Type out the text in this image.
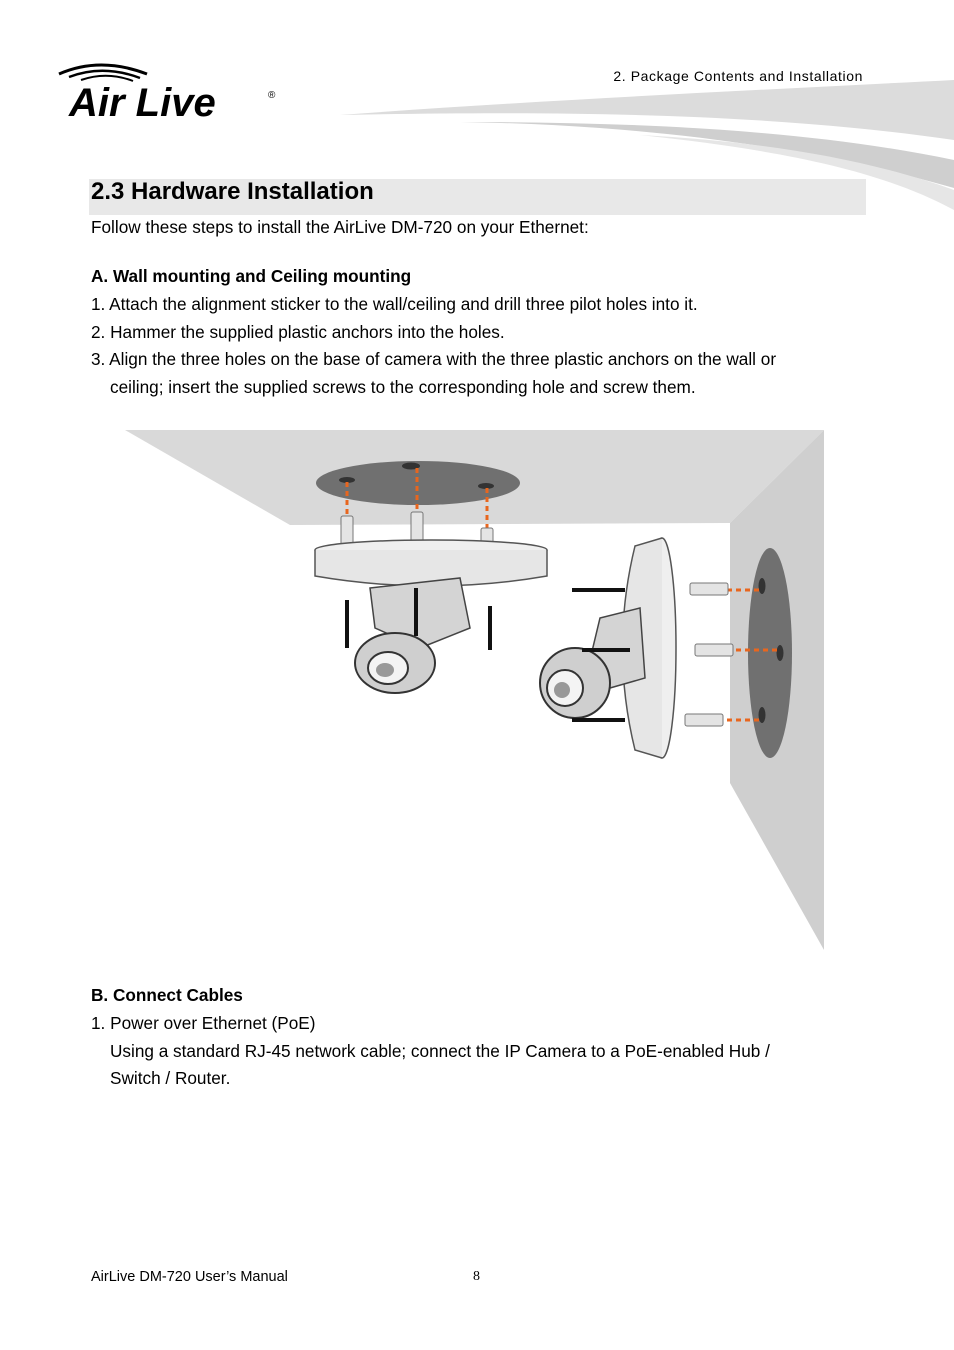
Air Live	®
2. Package Contents and Installation
2.3 Hardware Installation
Follow these steps to install the AirLive DM-720 on your Ethernet:
A. Wall mounting and Ceiling mounting
1. Attach the alignment sticker to the wall/ceiling and drill three pilot holes into it.
2. Hammer the supplied plastic anchors into the holes.
3. Align the three holes on the base of camera with the three plastic anchors on the wall or
ceiling; insert the supplied screws to the corresponding hole and screw them.
B. Connect Cables
1. Power over Ethernet (PoE)
Using a standard RJ-45 network cable; connect the IP Camera to a PoE-enabled Hub /
Switch / Router.
AirLive DM-720 User’s Manual	8
